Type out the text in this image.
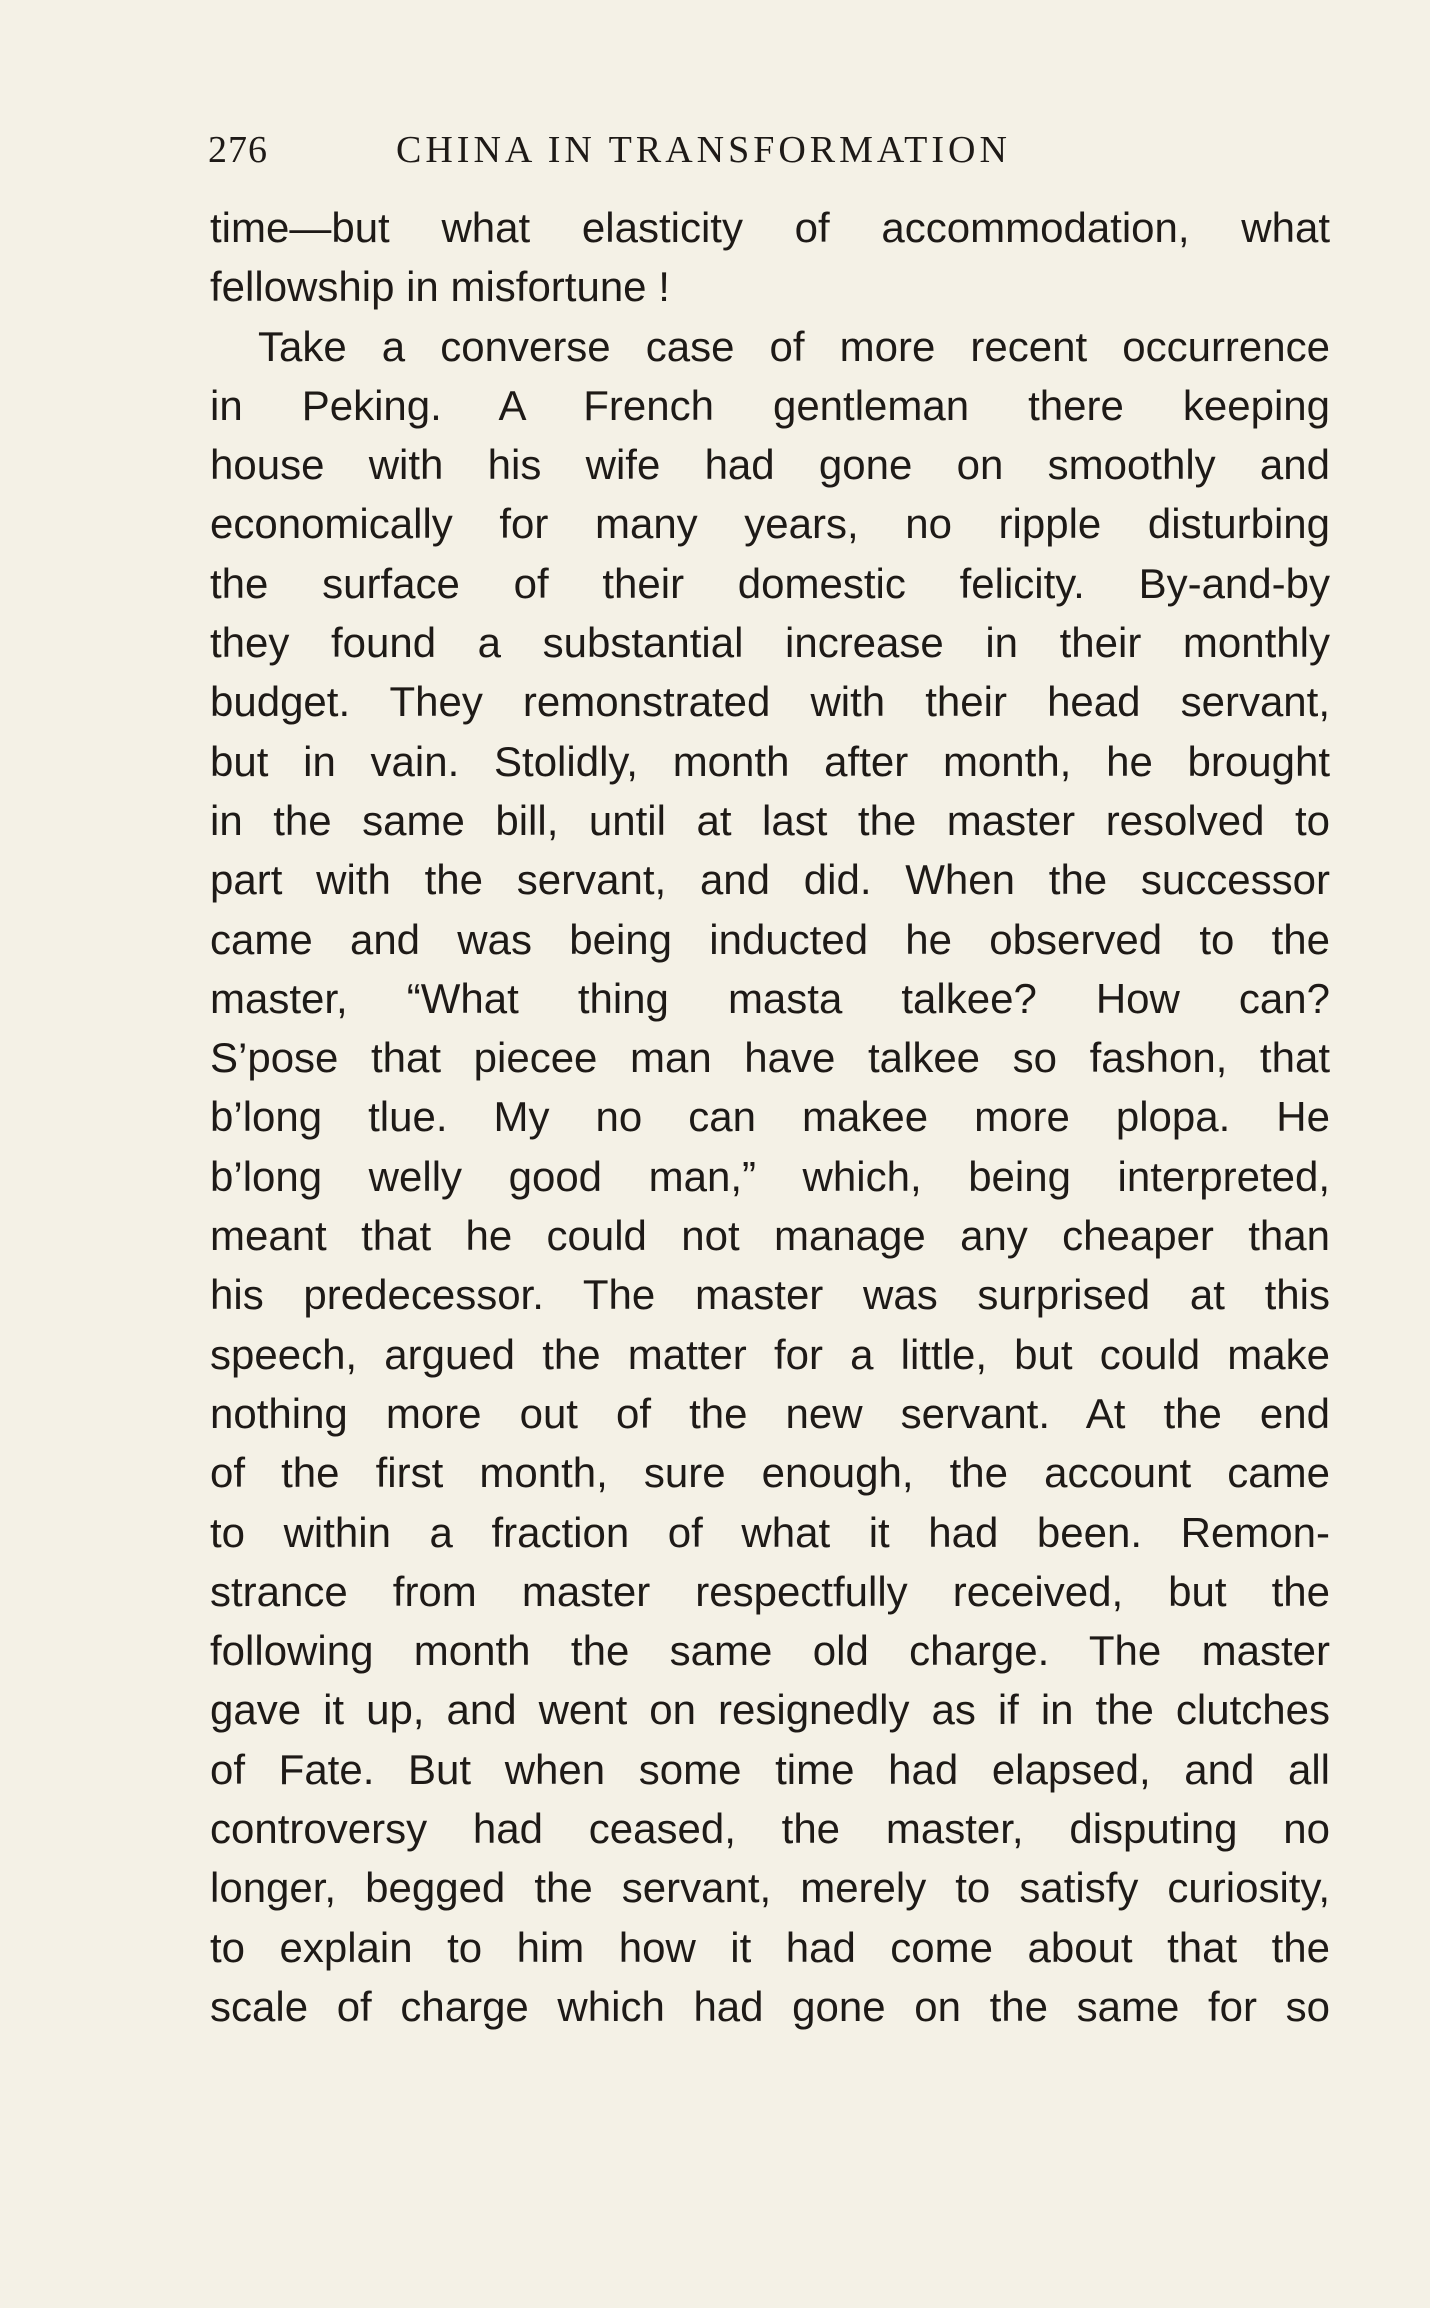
276	CHINA IN TRANSFORMATION
time—but what elasticity of accommodation, what
fellowship in misfortune !
Take a converse case of more recent occurrence
in Peking. A French gentleman there keeping
house with his wife had gone on smoothly and
economically for many years, no ripple disturbing
the surface of their domestic felicity. By-and-by
they found a substantial increase in their monthly
budget. They remonstrated with their head servant,
but in vain. Stolidly, month after month, he brought
in the same bill, until at last the master resolved to
part with the servant, and did. When the successor
came and was being inducted he observed to the
master, “What thing masta talkee? How can?
S’pose that piecee man have talkee so fashon, that
b’long tlue. My no can makee more plopa. He
b’long welly good man,” which, being interpreted,
meant that he could not manage any cheaper than
his predecessor. The master was surprised at this
speech, argued the matter for a little, but could make
nothing more out of the new servant. At the end
of the first month, sure enough, the account came
to within a fraction of what it had been. Remon-
strance from master respectfully received, but the
following month the same old charge. The master
gave it up, and went on resignedly as if in the clutches
of Fate. But when some time had elapsed, and all
controversy had ceased, the master, disputing no
longer, begged the servant, merely to satisfy curiosity,
to explain to him how it had come about that the
scale of charge which had gone on the same for so
